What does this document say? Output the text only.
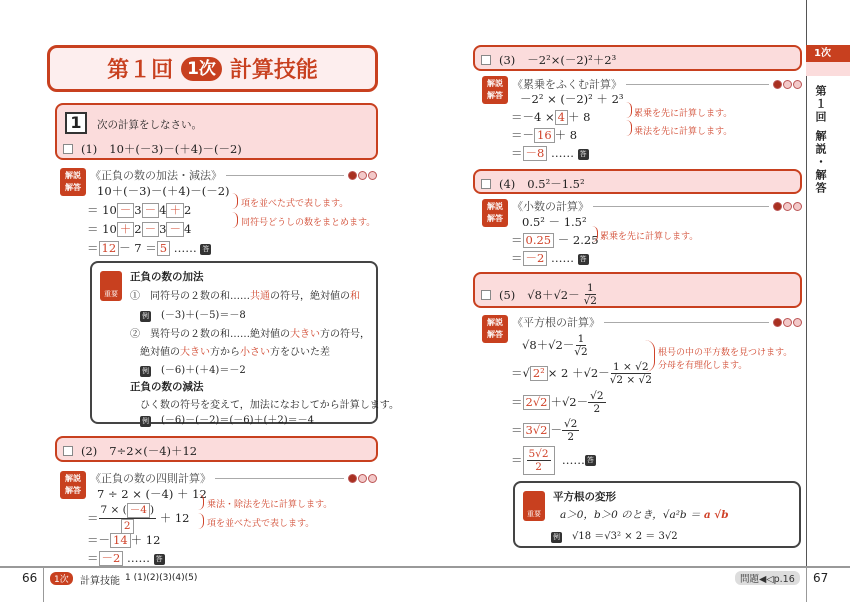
第１回 1次 計算技能
1	次の計算をしなさい。
(1) 10＋(－3)－(＋4)－(－2)
解説
解答
《正負の数の加法・減法》
10＋(－3)－(＋4)－(－2)
＝ 10 － 3 － 4 ＋ 2
＝ 10 ＋ 2 － 3 － 4
＝ 12 － 7 ＝ 5 …… 答
項を並べた式で表します。
同符号どうしの数をまとめます。
重要
正負の数の加法
①　同符号の２数の和……共通の符号，絶対値の和
例　 (－3)＋(－5)＝－8
②　異符号の２数の和……絶対値の大きい方の符号，
絶対値の大きい方から小さい方をひいた差
例　 (－6)＋(＋4)＝－2
正負の数の減法
ひく数の符号を変えて，加法になおしてから計算します。
例　 (－6)－(－2)＝(－6)＋(＋2)＝－4
(2) 7÷2×(－4)＋12
解説
解答
《正負の数の四則計算》
7 ÷ 2 × (－4) ＋ 12
＝ $\frac{7 \times ( -4 )}{2}$
＋ 12
＝－ 14 ＋ 12
＝ －2 …… 答
乗法・除法を先に計算します。
項を並べた式で表します。
66	1次	計算技能 1 (1)(2)(3)(4)(5)
1次
第１回 解説・解答
(3) －2²×(－2)²＋2³
解説
解答
《累乗をふくむ計算》
－2² × (－2)² ＋ 2³
＝－4 × 4 ＋ 8
＝－ 16 ＋ 8
＝ －8 …… 答
累乗を先に計算します。
乗法を先に計算します。
(4) 0.5²－1.5²
解説
解答
《小数の計算》
0.5² － 1.5²
＝ 0.25 － 2.25
＝ －2 …… 答
累乗を先に計算します。
(5) $√8+√2- \frac{1}{√2}$
解説
解答
《平方根の計算》
$√8+√2- \frac{1}{√2}$
＝√ $2^2 \times 2 +√2- \frac{1 \times √2}{√2 \times √2}$
＝ $2√2 +√2- \frac{√2}{2}$
＝ $3√2 - \frac{√2}{2}$
＝ $\frac{5√2}{2}$ …… 答
根号の中の平方数を見つけます。
分母を有理化します。
重要
平方根の変形
a＞0，b＞0 のとき，√a²b ＝ a √b
例　 √18 ＝√3² × 2 ＝ 3√2
問題◀◁p.16	67
